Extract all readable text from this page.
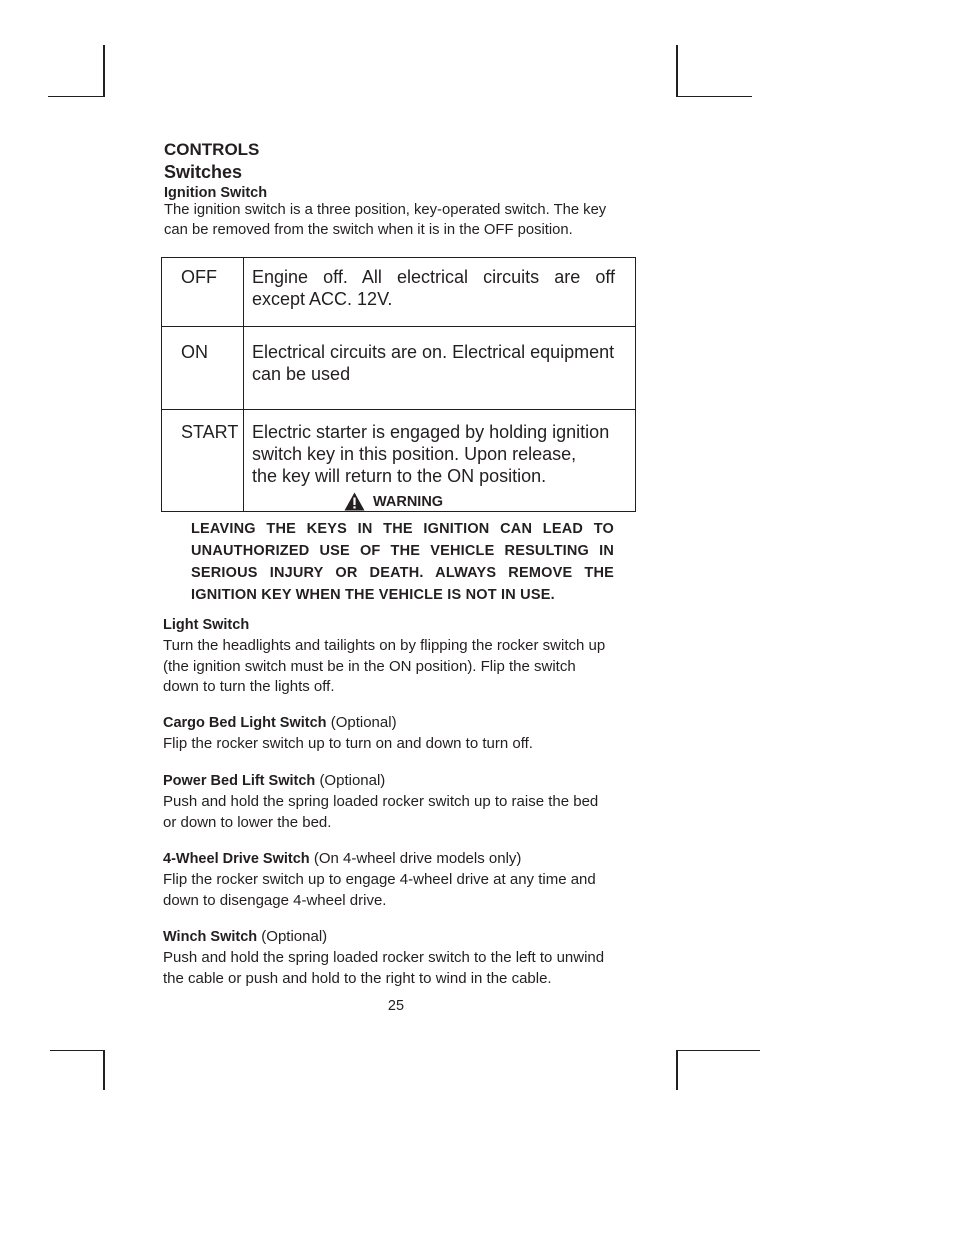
CONTROLS
Switches
Ignition Switch
The ignition switch is a three position, key-operated switch. The key
can be removed from the switch when it is in the OFF position.
OFF	Engine off. All electrical circuits are off
except ACC. 12V.

ON	Electrical circuits are on. Electrical equipment
can be used

START	Electric starter is engaged by holding ignition
switch key in this position. Upon release,
the key will return to the ON position.
WARNING
LEAVING THE KEYS IN THE IGNITION CAN LEAD TO
UNAUTHORIZED USE OF THE VEHICLE RESULTING IN
SERIOUS INJURY OR DEATH. ALWAYS REMOVE THE
IGNITION KEY WHEN THE VEHICLE IS NOT IN USE.
Light Switch
Turn the headlights and tailights on by flipping the rocker switch up
(the ignition switch must be in the ON position). Flip the switch
down to turn the lights off.
Cargo Bed Light Switch (Optional)
Flip the rocker switch up to turn on and down to turn off.
Power Bed Lift Switch (Optional)
Push and hold the spring loaded rocker switch up to raise the bed
or down to lower the bed.
4-Wheel Drive Switch (On 4-wheel drive models only)
Flip the rocker switch up to engage 4-wheel drive at any time and
down to disengage 4-wheel drive.
Winch Switch (Optional)
Push and hold the spring loaded rocker switch to the left to unwind
the cable or push and hold to the right to wind in the cable.
25
